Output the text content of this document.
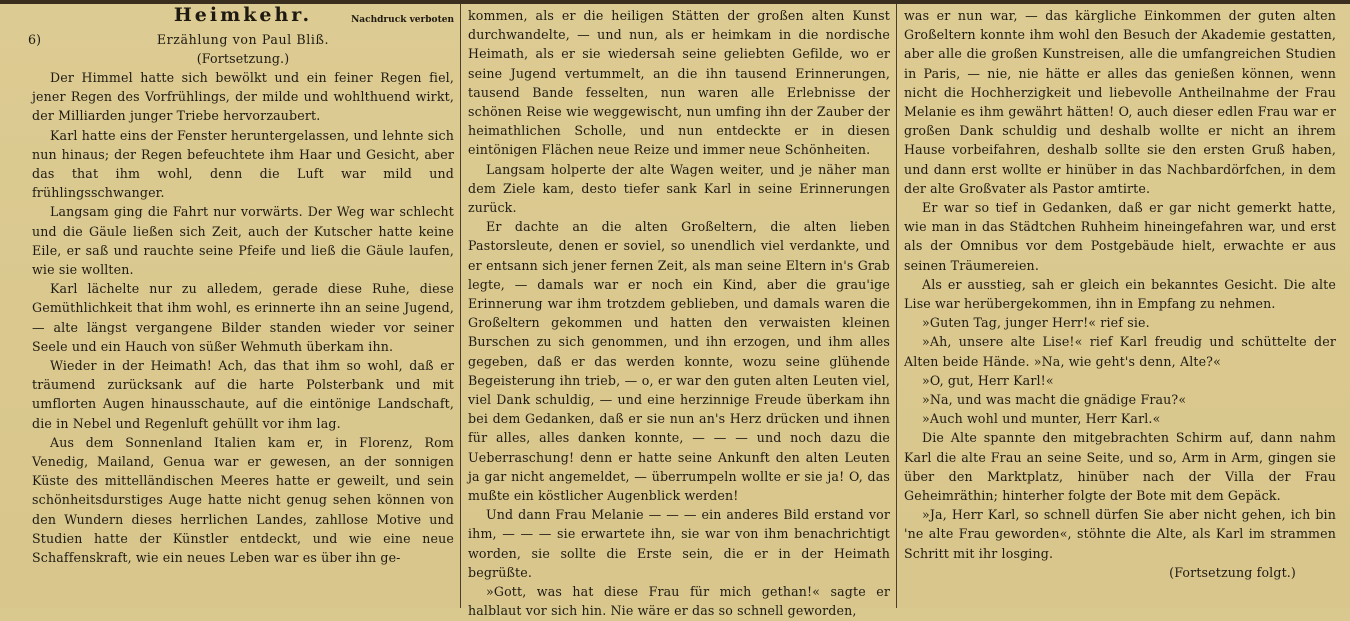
Heimkehr.	Nachdruck verboten
6)	Erzählung von Paul Bliß.
(Fortsetzung.)

Der Himmel hatte sich bewölkt und ein feiner Regen fiel, jener Regen des Vorfrühlings, der milde und wohlthuend wirkt, der Milliarden junger Triebe hervorzaubert.

Karl hatte eins der Fenster heruntergelassen, und lehnte sich nun hinaus; der Regen befeuchtete ihm Haar und Gesicht, aber das that ihm wohl, denn die Luft war mild und frühlingsschwanger.

Langsam ging die Fahrt nur vorwärts. Der Weg war schlecht und die Gäule ließen sich Zeit, auch der Kutscher hatte keine Eile, er saß und rauchte seine Pfeife und ließ die Gäule laufen, wie sie wollten.

Karl lächelte nur zu alledem, gerade diese Ruhe, diese Gemüthlichkeit that ihm wohl, es erinnerte ihn an seine Jugend, — alte längst vergangene Bilder standen wieder vor seiner Seele und ein Hauch von süßer Wehmuth überkam ihn.

Wieder in der Heimath! Ach, das that ihm so wohl, daß er träumend zurücksank auf die harte Polsterbank und mit umflorten Augen hinausschaute, auf die eintönige Landschaft, die in Nebel und Regenluft gehüllt vor ihm lag.

Aus dem Sonnenland Italien kam er, in Florenz, Rom Venedig, Mailand, Genua war er gewesen, an der sonnigen Küste des mittelländischen Meeres hatte er geweilt, und sein schönheitsdurstiges Auge hatte nicht genug sehen können von den Wundern dieses herrlichen Landes, zahllose Motive und Studien hatte der Künstler entdeckt, und wie eine neue Schaffenskraft, wie ein neues Leben war es über ihn ge-

kommen, als er die heiligen Stätten der großen alten Kunst durchwandelte, — und nun, als er heimkam in die nordische Heimath, als er sie wiedersah seine geliebten Gefilde, wo er seine Jugend vertummelt, an die ihn tausend Erinnerungen, tausend Bande fesselten, nun waren alle Erlebnisse der schönen Reise wie weggewischt, nun umfing ihn der Zauber der heimathlichen Scholle, und nun entdeckte er in diesen eintönigen Flächen neue Reize und immer neue Schönheiten.

Langsam holperte der alte Wagen weiter, und je näher man dem Ziele kam, desto tiefer sank Karl in seine Erinnerungen zurück.

Er dachte an die alten Großeltern, die alten lieben Pastorsleute, denen er soviel, so unendlich viel verdankte, und er entsann sich jener fernen Zeit, als man seine Eltern in's Grab legte, — damals war er noch ein Kind, aber die grau'ige Erinnerung war ihm trotzdem geblieben, und damals waren die Großeltern gekommen und hatten den verwaisten kleinen Burschen zu sich genommen, und ihn erzogen, und ihm alles gegeben, daß er das werden konnte, wozu seine glühende Begeisterung ihn trieb, — o, er war den guten alten Leuten viel, viel Dank schuldig, — und eine herzinnige Freude überkam ihn bei dem Gedanken, daß er sie nun an's Herz drücken und ihnen für alles, alles danken konnte, — — — und noch dazu die Ueberraschung! denn er hatte seine Ankunft den alten Leuten ja gar nicht angemeldet, — überrumpeln wollte er sie ja! O, das mußte ein köstlicher Augenblick werden!

Und dann Frau Melanie — — — ein anderes Bild erstand vor ihm, — — — sie erwartete ihn, sie war von ihm benachrichtigt worden, sie sollte die Erste sein, die er in der Heimath begrüßte.

»Gott, was hat diese Frau für mich gethan!« sagte er halblaut vor sich hin. Nie wäre er das so schnell geworden,

was er nun war, — das kärgliche Einkommen der guten alten Großeltern konnte ihm wohl den Besuch der Akademie gestatten, aber alle die großen Kunstreisen, alle die umfangreichen Studien in Paris, — nie, nie hätte er alles das genießen können, wenn nicht die Hochherzigkeit und liebevolle Antheilnahme der Frau Melanie es ihm gewährt hätten! O, auch dieser edlen Frau war er großen Dank schuldig und deshalb wollte er nicht an ihrem Hause vorbeifahren, deshalb sollte sie den ersten Gruß haben, und dann erst wollte er hinüber in das Nachbardörfchen, in dem der alte Großvater als Pastor amtirte.

Er war so tief in Gedanken, daß er gar nicht gemerkt hatte, wie man in das Städtchen Ruhheim hineingefahren war, und erst als der Omnibus vor dem Postgebäude hielt, erwachte er aus seinen Träumereien.

Als er ausstieg, sah er gleich ein bekanntes Gesicht. Die alte Lise war herübergekommen, ihn in Empfang zu nehmen.

»Guten Tag, junger Herr!« rief sie.

»Ah, unsere alte Lise!« rief Karl freudig und schüttelte der Alten beide Hände. »Na, wie geht's denn, Alte?«

»O, gut, Herr Karl!«

»Na, und was macht die gnädige Frau?«

»Auch wohl und munter, Herr Karl.«

Die Alte spannte den mitgebrachten Schirm auf, dann nahm Karl die alte Frau an seine Seite, und so, Arm in Arm, gingen sie über den Marktplatz, hinüber nach der Villa der Frau Geheimräthin; hinterher folgte der Bote mit dem Gepäck.

»Ja, Herr Karl, so schnell dürfen Sie aber nicht gehen, ich bin 'ne alte Frau geworden«, stöhnte die Alte, als Karl im strammen Schritt mit ihr losging.

(Fortsetzung folgt.)
